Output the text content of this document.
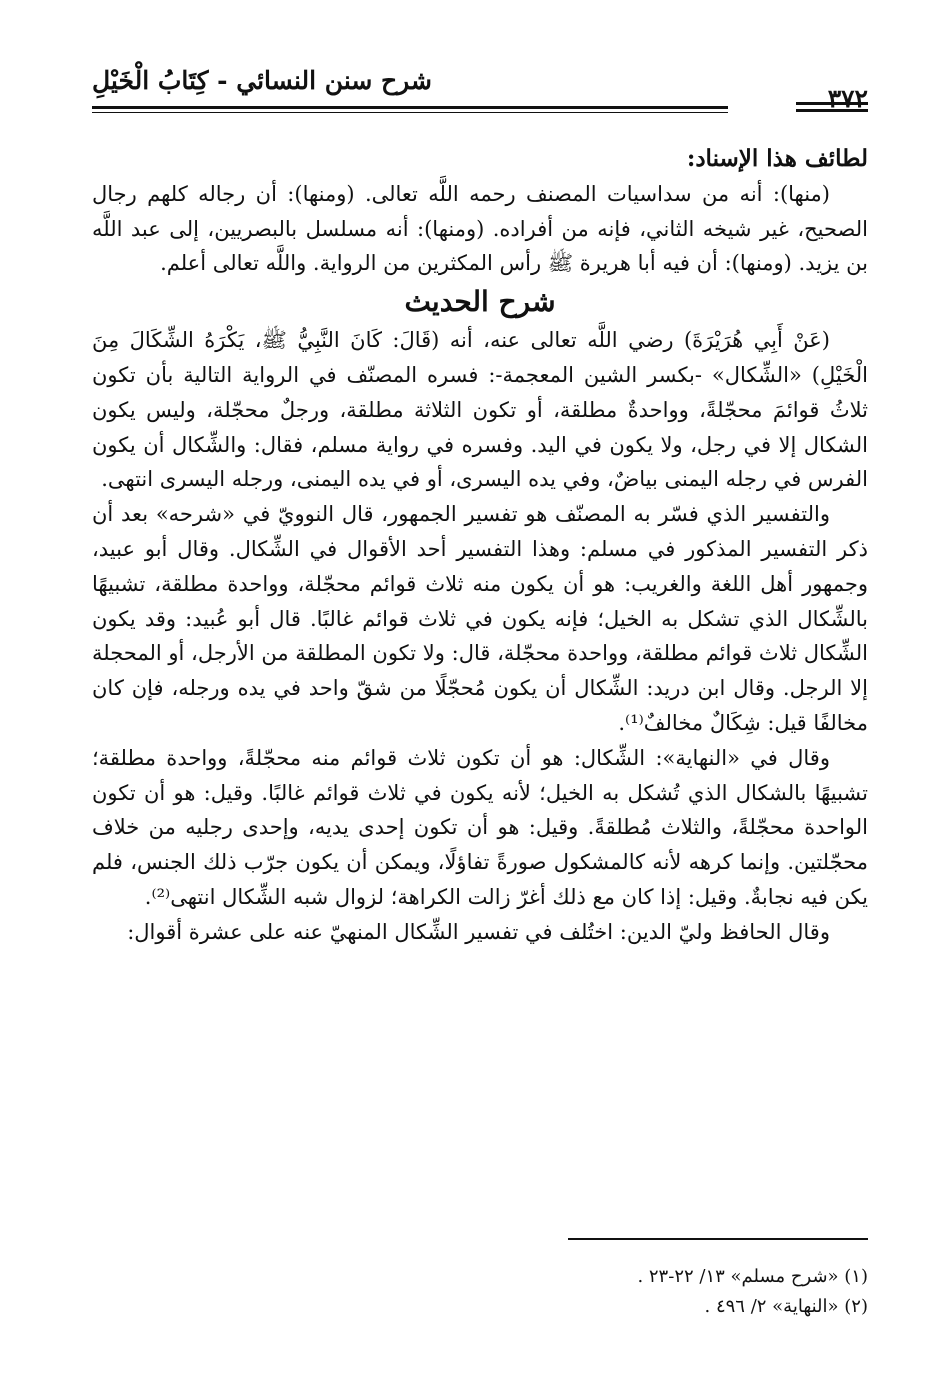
شرح سنن النسائي - كِتَابُ الْخَيْلِ
٣٧٢

لطائف هذا الإسناد:

(منها): أنه من سداسيات المصنف رحمه اللَّه تعالى. (ومنها): أن رجاله كلهم رجال الصحيح، غير شيخه الثاني، فإنه من أفراده. (ومنها): أنه مسلسل بالبصريين، إلى عبد اللَّه بن يزيد. (ومنها): أن فيه أبا هريرة ﷺ رأس المكثرين من الرواية. واللَّه تعالى أعلم.

شرح الحديث

(عَنْ أَبِي هُرَيْرَةَ) رضي اللَّه تعالى عنه، أنه (قَالَ: كَانَ النَّبِيُّ ﷺ، يَكْرَهُ الشِّكَالَ مِنَ الْخَيْلِ) «الشِّكال» -بكسر الشين المعجمة-: فسره المصنّف في الرواية التالية بأن تكون ثلاثُ قوائمَ محجّلةً، وواحدةٌ مطلقة، أو تكون الثلاثة مطلقة، ورجلٌ محجّلة، وليس يكون الشكال إلا في رجل، ولا يكون في اليد. وفسره في رواية مسلم، فقال: والشِّكال أن يكون الفرس في رجله اليمنى بياضٌ، وفي يده اليسرى، أو في يده اليمنى، ورجله اليسرى انتهى.

والتفسير الذي فسّر به المصنّف هو تفسير الجمهور، قال النوويّ في «شرحه» بعد أن ذكر التفسير المذكور في مسلم: وهذا التفسير أحد الأقوال في الشِّكال. وقال أبو عبيد، وجمهور أهل اللغة والغريب: هو أن يكون منه ثلاث قوائم محجّلة، وواحدة مطلقة، تشبيهًا بالشِّكال الذي تشكل به الخيل؛ فإنه يكون في ثلاث قوائم غالبًا. قال أبو عُبيد: وقد يكون الشِّكال ثلاث قوائم مطلقة، وواحدة محجّلة، قال: ولا تكون المطلقة من الأرجل، أو المحجلة إلا الرجل. وقال ابن دريد: الشِّكال أن يكون مُحجّلًا من شقّ واحد في يده ورجله، فإن كان مخالفًا قيل: شِكَالٌ مخالفٌ⁽¹⁾.

وقال في «النهاية»: الشِّكال: هو أن تكون ثلاث قوائم منه محجّلةً، وواحدة مطلقة؛ تشبيهًا بالشكال الذي تُشكل به الخيل؛ لأنه يكون في ثلاث قوائم غالبًا. وقيل: هو أن تكون الواحدة محجّلةً، والثلاث مُطلقةً. وقيل: هو أن تكون إحدى يديه، وإحدى رجليه من خلاف محجّلتين. وإنما كرهه لأنه كالمشكول صورةً تفاؤلًا، ويمكن أن يكون جرّب ذلك الجنس، فلم يكن فيه نجابةٌ. وقيل: إذا كان مع ذلك أغرّ زالت الكراهة؛ لزوال شبه الشِّكال انتهى⁽²⁾.

وقال الحافظ وليّ الدين: اختُلف في تفسير الشِّكال المنهيّ عنه على عشرة أقوال:

(١) «شرح مسلم» ١٣/ ٢٢-٢٣ .
(٢) «النهاية» ٢/ ٤٩٦ .
